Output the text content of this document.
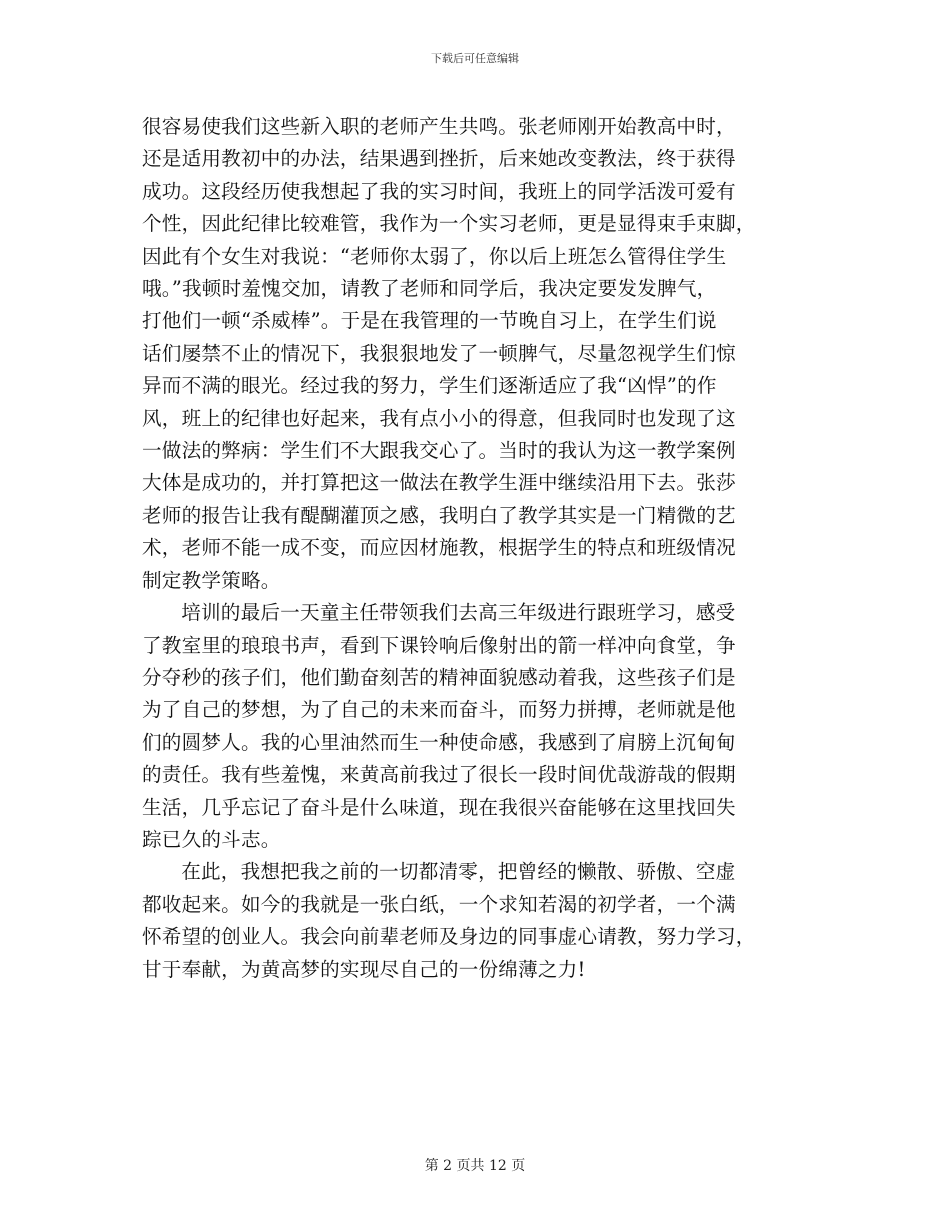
下载后可任意编辑

很容易使我们这些新入职的老师产生共鸣。张老师刚开始教高中时，
还是适用教初中的办法，结果遇到挫折，后来她改变教法，终于获得
成功。这段经历使我想起了我的实习时间，我班上的同学活泼可爱有
个性，因此纪律比较难管，我作为一个实习老师，更是显得束手束脚，
因此有个女生对我说：“老师你太弱了，你以后上班怎么管得住学生
哦。”我顿时羞愧交加，请教了老师和同学后，我决定要发发脾气，
打他们一顿“杀威棒”。于是在我管理的一节晚自习上，在学生们说
话们屡禁不止的情况下，我狠狠地发了一顿脾气，尽量忽视学生们惊
异而不满的眼光。经过我的努力，学生们逐渐适应了我“凶悍”的作
风，班上的纪律也好起来，我有点小小的得意，但我同时也发现了这
一做法的弊病：学生们不大跟我交心了。当时的我认为这一教学案例
大体是成功的，并打算把这一做法在教学生涯中继续沿用下去。张莎
老师的报告让我有醍醐灌顶之感，我明白了教学其实是一门精微的艺
术，老师不能一成不变，而应因材施教，根据学生的特点和班级情况
制定教学策略。

培训的最后一天童主任带领我们去高三年级进行跟班学习，感受
了教室里的琅琅书声，看到下课铃响后像射出的箭一样冲向食堂，争
分夺秒的孩子们，他们勤奋刻苦的精神面貌感动着我，这些孩子们是
为了自己的梦想，为了自己的未来而奋斗，而努力拼搏，老师就是他
们的圆梦人。我的心里油然而生一种使命感，我感到了肩膀上沉甸甸
的责任。我有些羞愧，来黄高前我过了很长一段时间优哉游哉的假期
生活，几乎忘记了奋斗是什么味道，现在我很兴奋能够在这里找回失
踪已久的斗志。

在此，我想把我之前的一切都清零，把曾经的懒散、骄傲、空虚
都收起来。如今的我就是一张白纸，一个求知若渴的初学者，一个满
怀希望的创业人。我会向前辈老师及身边的同事虚心请教，努力学习，
甘于奉献，为黄高梦的实现尽自己的一份绵薄之力!

第 2 页共 12 页
